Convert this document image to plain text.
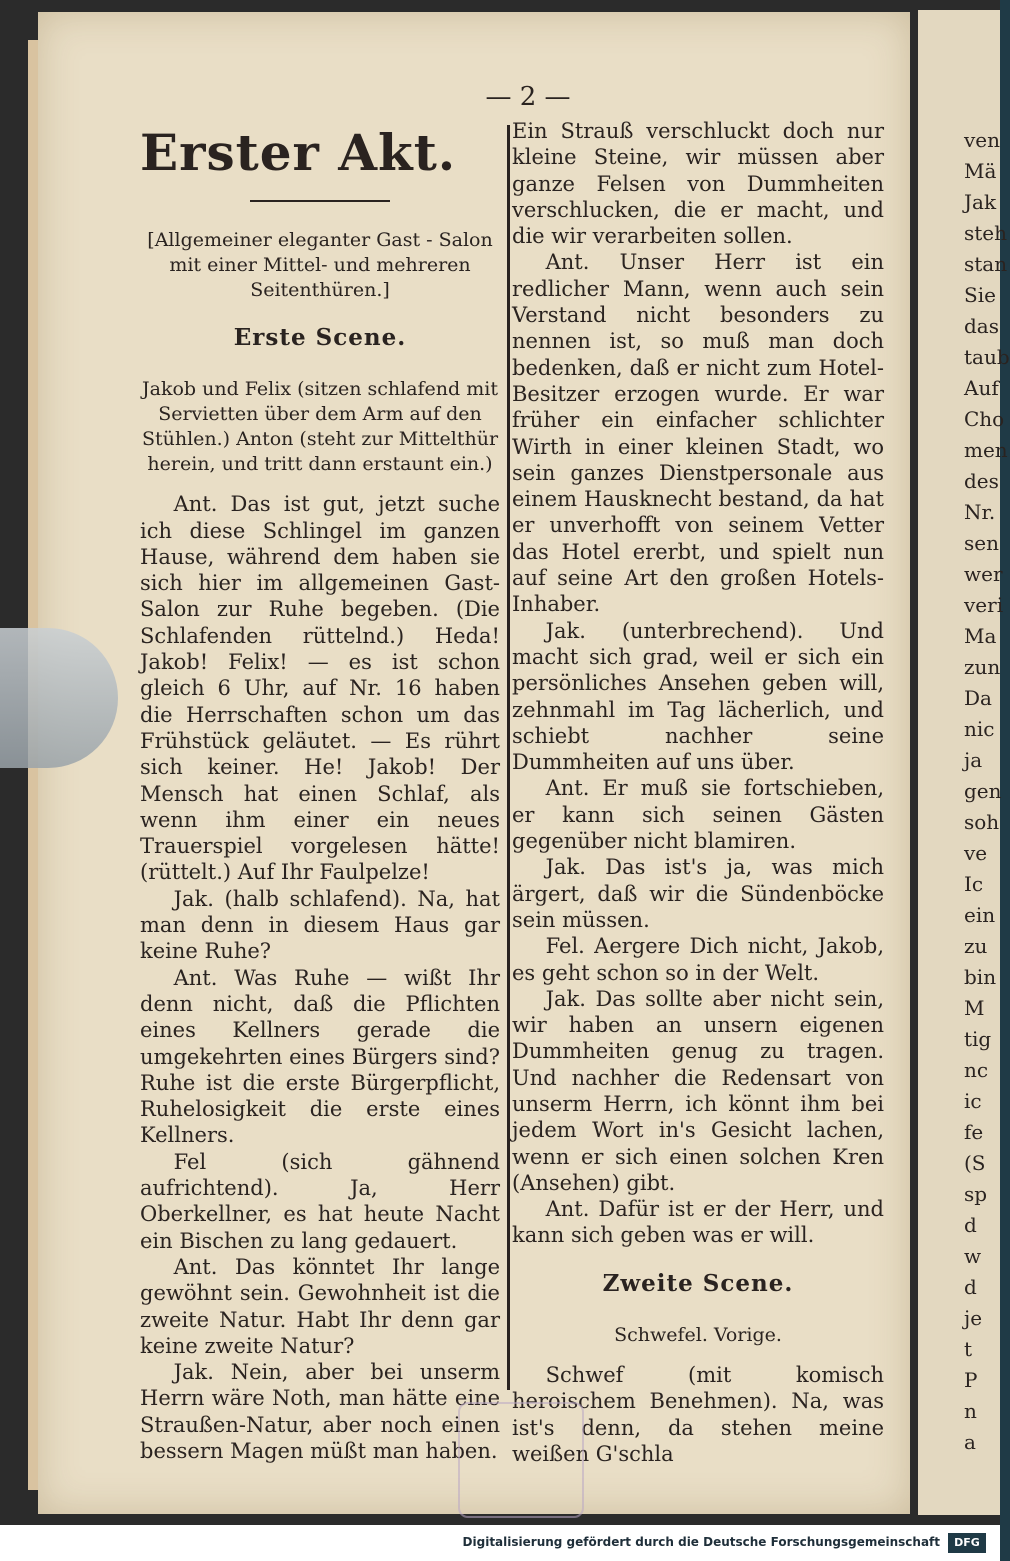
— 2 —

Erster Akt.

[Allgemeiner eleganter Gast - Salon mit einer Mittel- und mehreren Seitenthüren.]

Erste Scene.

Jakob und Felix (sitzen schlafend mit Servietten über dem Arm auf den Stühlen.) Anton (steht zur Mittelthür herein, und tritt dann erstaunt ein.)

Ant. Das ist gut, jetzt suche ich diese Schlingel im ganzen Hause, während dem haben sie sich hier im allgemeinen Gast-Salon zur Ruhe begeben. (Die Schlafenden rüttelnd.) Heda! Jakob! Felix! — es ist schon gleich 6 Uhr, auf Nr. 16 haben die Herrschaften schon um das Frühstück geläutet. — Es rührt sich keiner. He! Jakob! Der Mensch hat einen Schlaf, als wenn ihm einer ein neues Trauerspiel vorgelesen hätte! (rüttelt.) Auf Ihr Faulpelze!

Jak. (halb schlafend). Na, hat man denn in diesem Haus gar keine Ruhe?

Ant. Was Ruhe — wißt Ihr denn nicht, daß die Pflichten eines Kellners gerade die umgekehrten eines Bürgers sind? Ruhe ist die erste Bürgerpflicht, Ruhelosigkeit die erste eines Kellners.

Fel (sich gähnend aufrichtend). Ja, Herr Oberkellner, es hat heute Nacht ein Bischen zu lang gedauert.

Ant. Das könntet Ihr lange gewöhnt sein. Gewohnheit ist die zweite Natur. Habt Ihr denn gar keine zweite Natur?

Jak. Nein, aber bei unserm Herrn wäre Noth, man hätte eine Straußen-Natur, aber noch einen bessern Magen müßt man haben.

Ein Strauß verschluckt doch nur kleine Steine, wir müssen aber ganze Felsen von Dummheiten verschlucken, die er macht, und die wir verarbeiten sollen.

Ant. Unser Herr ist ein redlicher Mann, wenn auch sein Verstand nicht besonders zu nennen ist, so muß man doch bedenken, daß er nicht zum Hotel-Besitzer erzogen wurde. Er war früher ein einfacher schlichter Wirth in einer kleinen Stadt, wo sein ganzes Dienstpersonale aus einem Hausknecht bestand, da hat er unverhofft von seinem Vetter das Hotel ererbt, und spielt nun auf seine Art den großen Hotels-Inhaber.

Jak. (unterbrechend). Und macht sich grad, weil er sich ein persönliches Ansehen geben will, zehnmahl im Tag lächerlich, und schiebt nachher seine Dummheiten auf uns über.

Ant. Er muß sie fortschieben, er kann sich seinen Gästen gegenüber nicht blamiren.

Jak. Das ist's ja, was mich ärgert, daß wir die Sündenböcke sein müssen.

Fel. Aergere Dich nicht, Jakob, es geht schon so in der Welt.

Jak. Das sollte aber nicht sein, wir haben an unsern eigenen Dummheiten genug zu tragen. Und nachher die Redensart von unserm Herrn, ich könnt ihm bei jedem Wort in's Gesicht lachen, wenn er sich einen solchen Kren (Ansehen) gibt.

Ant. Dafür ist er der Herr, und kann sich geben was er will.

Zweite Scene.

Schwefel. Vorige.

Schwef (mit komisch heroischem Benehmen). Na, was ist's denn, da stehen meine weißen G'schla

ven
Mä
Jak
steh
stan
Sie
das
taub
Auf
Cho
men
des
Nr.
sen
wer
veri
Ma
zun
Da
nic
ja
gen
soh
ve
Ic
ein
zu
bin
M
tig
nc
ic
fe
(S
sp
d
w
d
je
t
P
n
a
Digitalisierung gefördert durch die Deutsche Forschungsgemeinschaft	DFG
